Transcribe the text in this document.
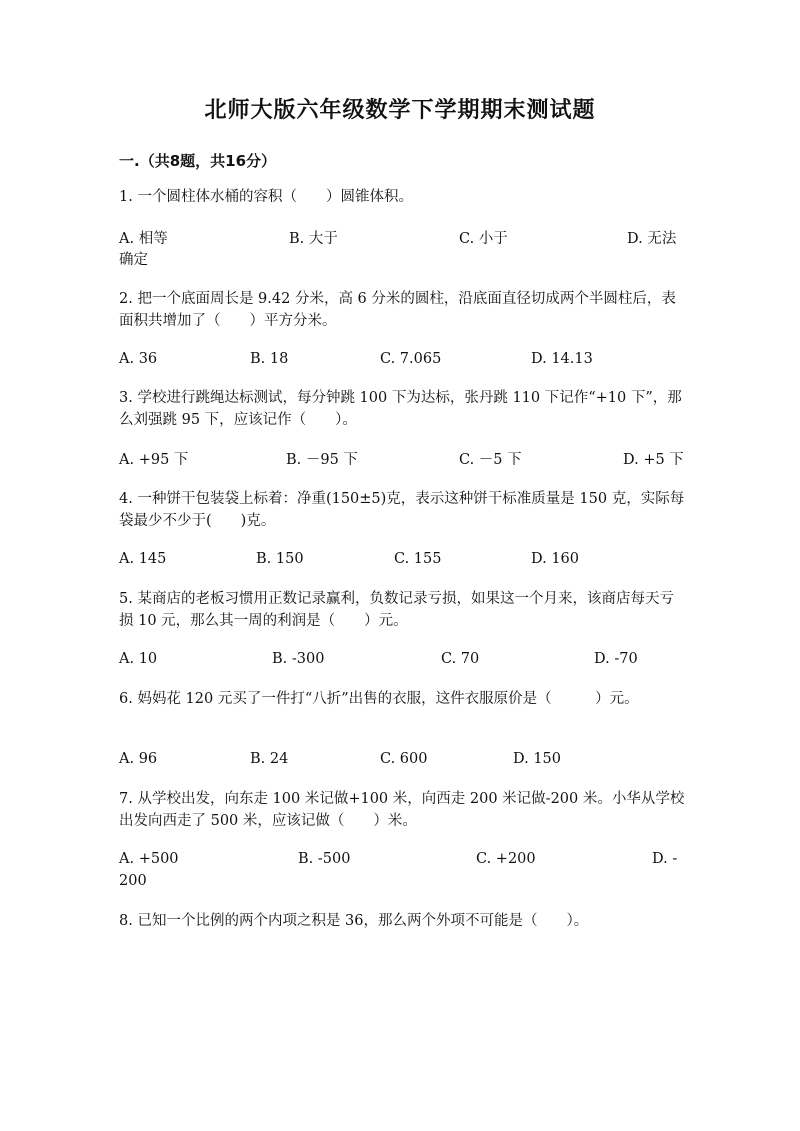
北师大版六年级数学下学期期末测试题
一.（共8题，共16分）
1. 一个圆柱体水桶的容积（　　）圆锥体积。
A. 相等	B. 大于	C. 小于	D. 无法
确定
2. 把一个底面周长是 9.42 分米，高 6 分米的圆柱，沿底面直径切成两个半圆柱后，表面积共增加了（　　）平方分米。
A. 36	B. 18	C. 7.065	D. 14.13
3. 学校进行跳绳达标测试，每分钟跳 100 下为达标，张丹跳 110 下记作“+10 下”，那么刘强跳 95 下，应该记作（　　）。
A. +95 下	B. －95 下	C. －5 下	D. +5 下
4. 一种饼干包装袋上标着：净重(150±5)克，表示这种饼干标准质量是 150 克，实际每袋最少不少于(　　)克。
A. 145	B. 150	C. 155	D. 160
5. 某商店的老板习惯用正数记录赢利，负数记录亏损，如果这一个月来，该商店每天亏损 10 元，那么其一周的利润是（　　）元。
A. 10	B. -300	C. 70	D. -70
6. 妈妈花 120 元买了一件打“八折”出售的衣服，这件衣服原价是（　　　）元。
A. 96	B. 24	C. 600	D. 150
7. 从学校出发，向东走 100 米记做+100 米，向西走 200 米记做-200 米。小华从学校出发向西走了 500 米，应该记做（　　）米。
A. +500	B. -500	C. +200	D. -
200
8. 已知一个比例的两个内项之积是 36，那么两个外项不可能是（　　）。
